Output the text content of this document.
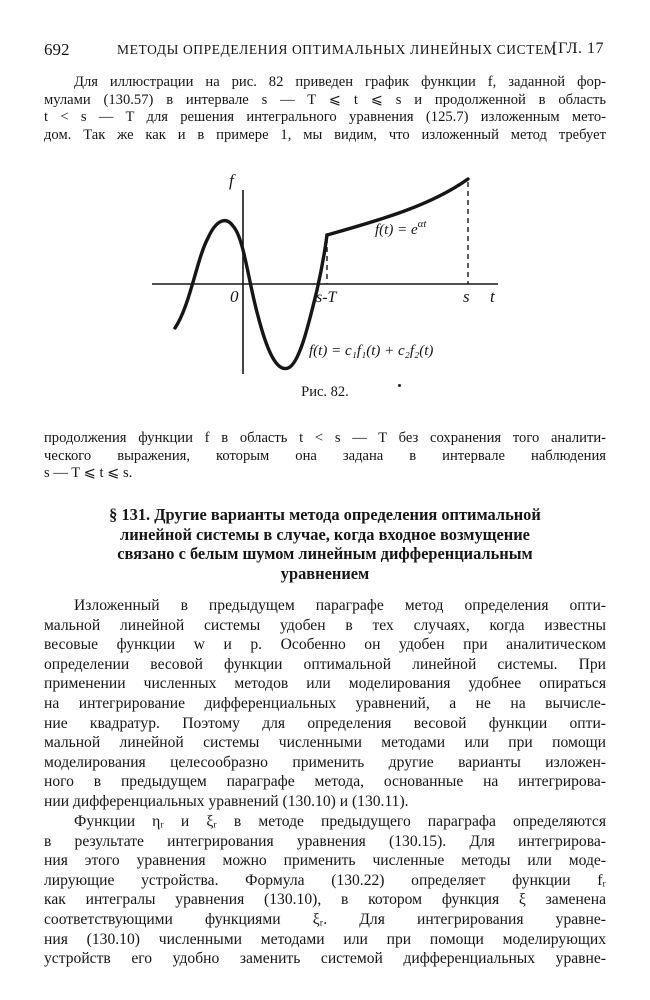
692	МЕТОДЫ ОПРЕДЕЛЕНИЯ ОПТИМАЛЬНЫХ ЛИНЕЙНЫХ СИСТЕМ
[ГЛ. 17
Для иллюстрации на рис. 82 приведен график функции f, заданной фор-
мулами (130.57) в интервале s — T ⩽ t ⩽ s и продолженной в область
t < s — T для решения интегрального уравнения (125.7) изложенным мето-
дом. Так же как и в примере 1, мы видим, что изложенный метод требует
f
t
0	s-T	s
$f(t) = e^{\alpha t}$
f(t) = c₁f₁(t) + c₂f₂(t)
Рис. 82.
продолжения функции f в область t < s — T без сохранения того аналити-
ческого выражения, которым она задана в интервале наблюдения
s — T ⩽ t ⩽ s.
§ 131. Другие варианты метода определения оптимальной
линейной системы в случае, когда входное возмущение
связано с белым шумом линейным дифференциальным
уравнением
Изложенный в предыдущем параграфе метод определения опти-
мальной линейной системы удобен в тех случаях, когда известны
весовые функции w и p. Особенно он удобен при аналитическом
определении весовой функции оптимальной линейной системы. При
применении численных методов или моделирования удобнее опираться
на интегрирование дифференциальных уравнений, а не на вычисле-
ние квадратур. Поэтому для определения весовой функции опти-
мальной линейной системы численными методами или при помощи
моделирования целесообразно применить другие варианты изложен-
ного в предыдущем параграфе метода, основанные на интегрирова-
нии дифференциальных уравнений (130.10) и (130.11).
Функции ηᵣ и ξᵣ в методе предыдущего параграфа определяются
в результате интегрирования уравнения (130.15). Для интегрирова-
ния этого уравнения можно применить численные методы или моде-
лирующие устройства. Формула (130.22) определяет функции fᵣ
как интегралы уравнения (130.10), в котором функция ξ заменена
соответствующими функциями ξᵣ. Для интегрирования уравне-
ния (130.10) численными методами или при помощи моделирующих
устройств его удобно заменить системой дифференциальных уравне-
